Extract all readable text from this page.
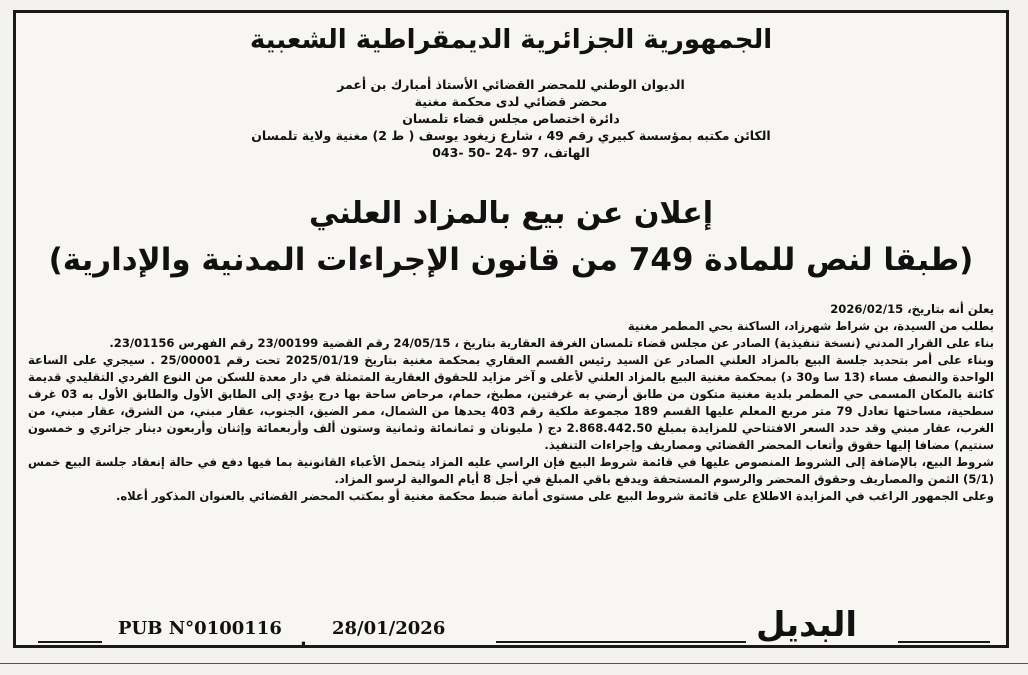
الجمهورية الجزائرية الديمقراطية الشعبية
الديوان الوطني للمحضر القضائي الأستاذ أمبارك بن أعمر
محضر قضائي لدى محكمة مغنية
دائرة اختصاص مجلس قضاء تلمسان
الكائن مكتبه بمؤسسة كبيري رقم 49 ، شارع زيغود يوسف ( ط 2) مغنية ولاية تلمسان
الهاتف، 97 -24 -50 -043
إعلان عن بيع بالمزاد العلني
(طبقا لنص للمادة 749 من قانون الإجراءات المدنية والإدارية)

يعلن أنه بتاريخ، 2026/02/15

بطلب من السيدة، بن شراط شهرزاد، الساكنة بحي المطمر مغنية

بناء على القرار المدني (نسخة تنفيذية) الصادر عن مجلس قضاء تلمسان الغرفة العقارية بتاريخ ، 24/05/15 رقم القضية 23/00199 رقم الفهرس 23/01156.

وبناء على أمر بتحديد جلسة البيع بالمزاد العلني الصادر عن السيد رئيس القسم العقاري بمحكمة مغنية بتاريخ 2025/01/19 تحت رقم 25/00001 . سيجري على الساعة الواحدة والنصف مساء (13 سا و30 د) بمحكمة مغنية البيع بالمزاد العلني لأعلى و آخر مزايد للحقوق العقارية المتمثلة في دار معدة للسكن من النوع الفردي التقليدي قديمة كائنة بالمكان المسمى حي المطمر بلدية مغنية متكون من طابق أرضي به غرفتين، مطبخ، حمام، مرحاض ساحة بها درج يؤدي إلى الطابق الأول والطابق الأول به 03 غرف سطحية، مساحتها تعادل 79 متر مربع المعلم عليها القسم 189 مجموعة ملكية رقم 403 يحدها من الشمال، ممر الضيق، الجنوب، عقار مبني، من الشرق، عقار مبني، من الغرب، عقار مبني وقد حدد السعر الافتتاحي للمزايدة بمبلغ 2.868.442.50 دج ( مليونان و ثمانمائة وثمانية وستون ألف وأربعمائة وإثنان وأربعون دينار جزائري و خمسون سنتيم) مضافا إليها حقوق وأتعاب المحضر القضائي ومصاريف وإجراءات التنفيذ.

شروط البيع، بالإضافة إلى الشروط المنصوص عليها في قائمة شروط البيع فإن الراسي عليه المزاد يتحمل الأعباء القانونية بما فيها دفع في حالة إنعقاد جلسة البيع خمس (5/1) الثمن والمصاريف وحقوق المحضر والرسوم المستحقة ويدفع باقي المبلغ في أجل 8 أيام الموالية لرسو المزاد.

وعلى الجمهور الراغب في المزايدة الاطلاع على قائمة شروط البيع على مستوى أمانة ضبط محكمة مغنية أو بمكتب المحضر القضائي بالعنوان المذكور أعلاه.

PUB N°0100116
.
28/01/2026	البديل
